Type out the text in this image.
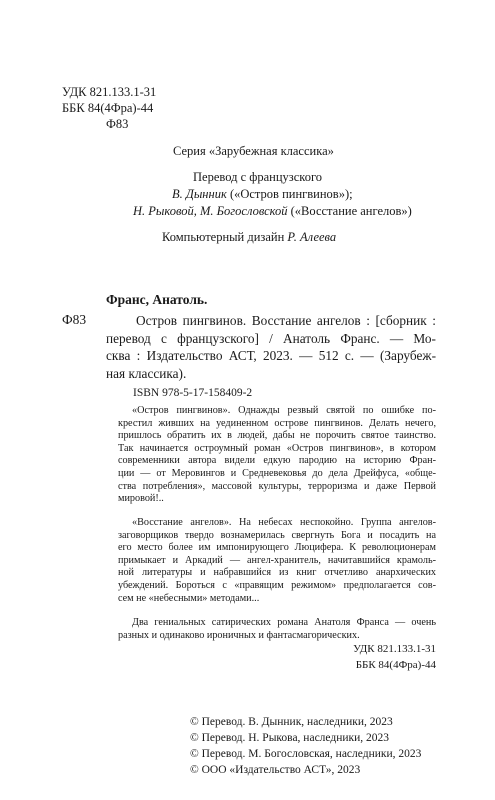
УДК 821.133.1-31
ББК 84(4Фра)-44
Ф83
Серия «Зарубежная классика»
Перевод с французского
В. Дынник («Остров пингвинов»);
Н. Рыковой, М. Богословской («Восстание ангелов»)
Компьютерный дизайн Р. Алеева
Франс, Анатоль.
Ф83	Остров пингвинов. Восстание ангелов : [сборник :
перевод с французского] / Анатоль Франс. — Мо-
сква : Издательство АСТ, 2023. — 512 с. — (Зарубеж-
ная классика).
ISBN 978-5-17-158409-2
«Остров пингвинов». Однажды резвый святой по ошибке по-
крестил живших на уединенном острове пингвинов. Делать нечего,
пришлось обратить их в людей, дабы не порочить святое таинство.
Так начинается остроумный роман «Остров пингвинов», в котором
современники автора видели едкую пародию на историю Фран-
ции — от Меровингов и Средневековья до дела Дрейфуса, «обще-
ства потребления», массовой культуры, терроризма и даже Первой
мировой!..
«Восстание ангелов». На небесах неспокойно. Группа ангелов-
заговорщиков твердо вознамерилась свергнуть Бога и посадить на
его место более им импонирующего Люцифера. К революционерам
примыкает и Аркадий — ангел-хранитель, начитавшийся крамоль-
ной литературы и набравшийся из книг отчетливо анархических
убеждений. Бороться с «правящим режимом» предполагается сов-
сем не «небесными» методами...
Два гениальных сатирических романа Анатоля Франса — очень
разных и одинаково ироничных и фантасмагорических.
УДК 821.133.1-31
ББК 84(4Фра)-44
© Перевод. В. Дынник, наследники, 2023
© Перевод. Н. Рыкова, наследники, 2023
© Перевод. М. Богословская, наследники, 2023
© ООО «Издательство АСТ», 2023
